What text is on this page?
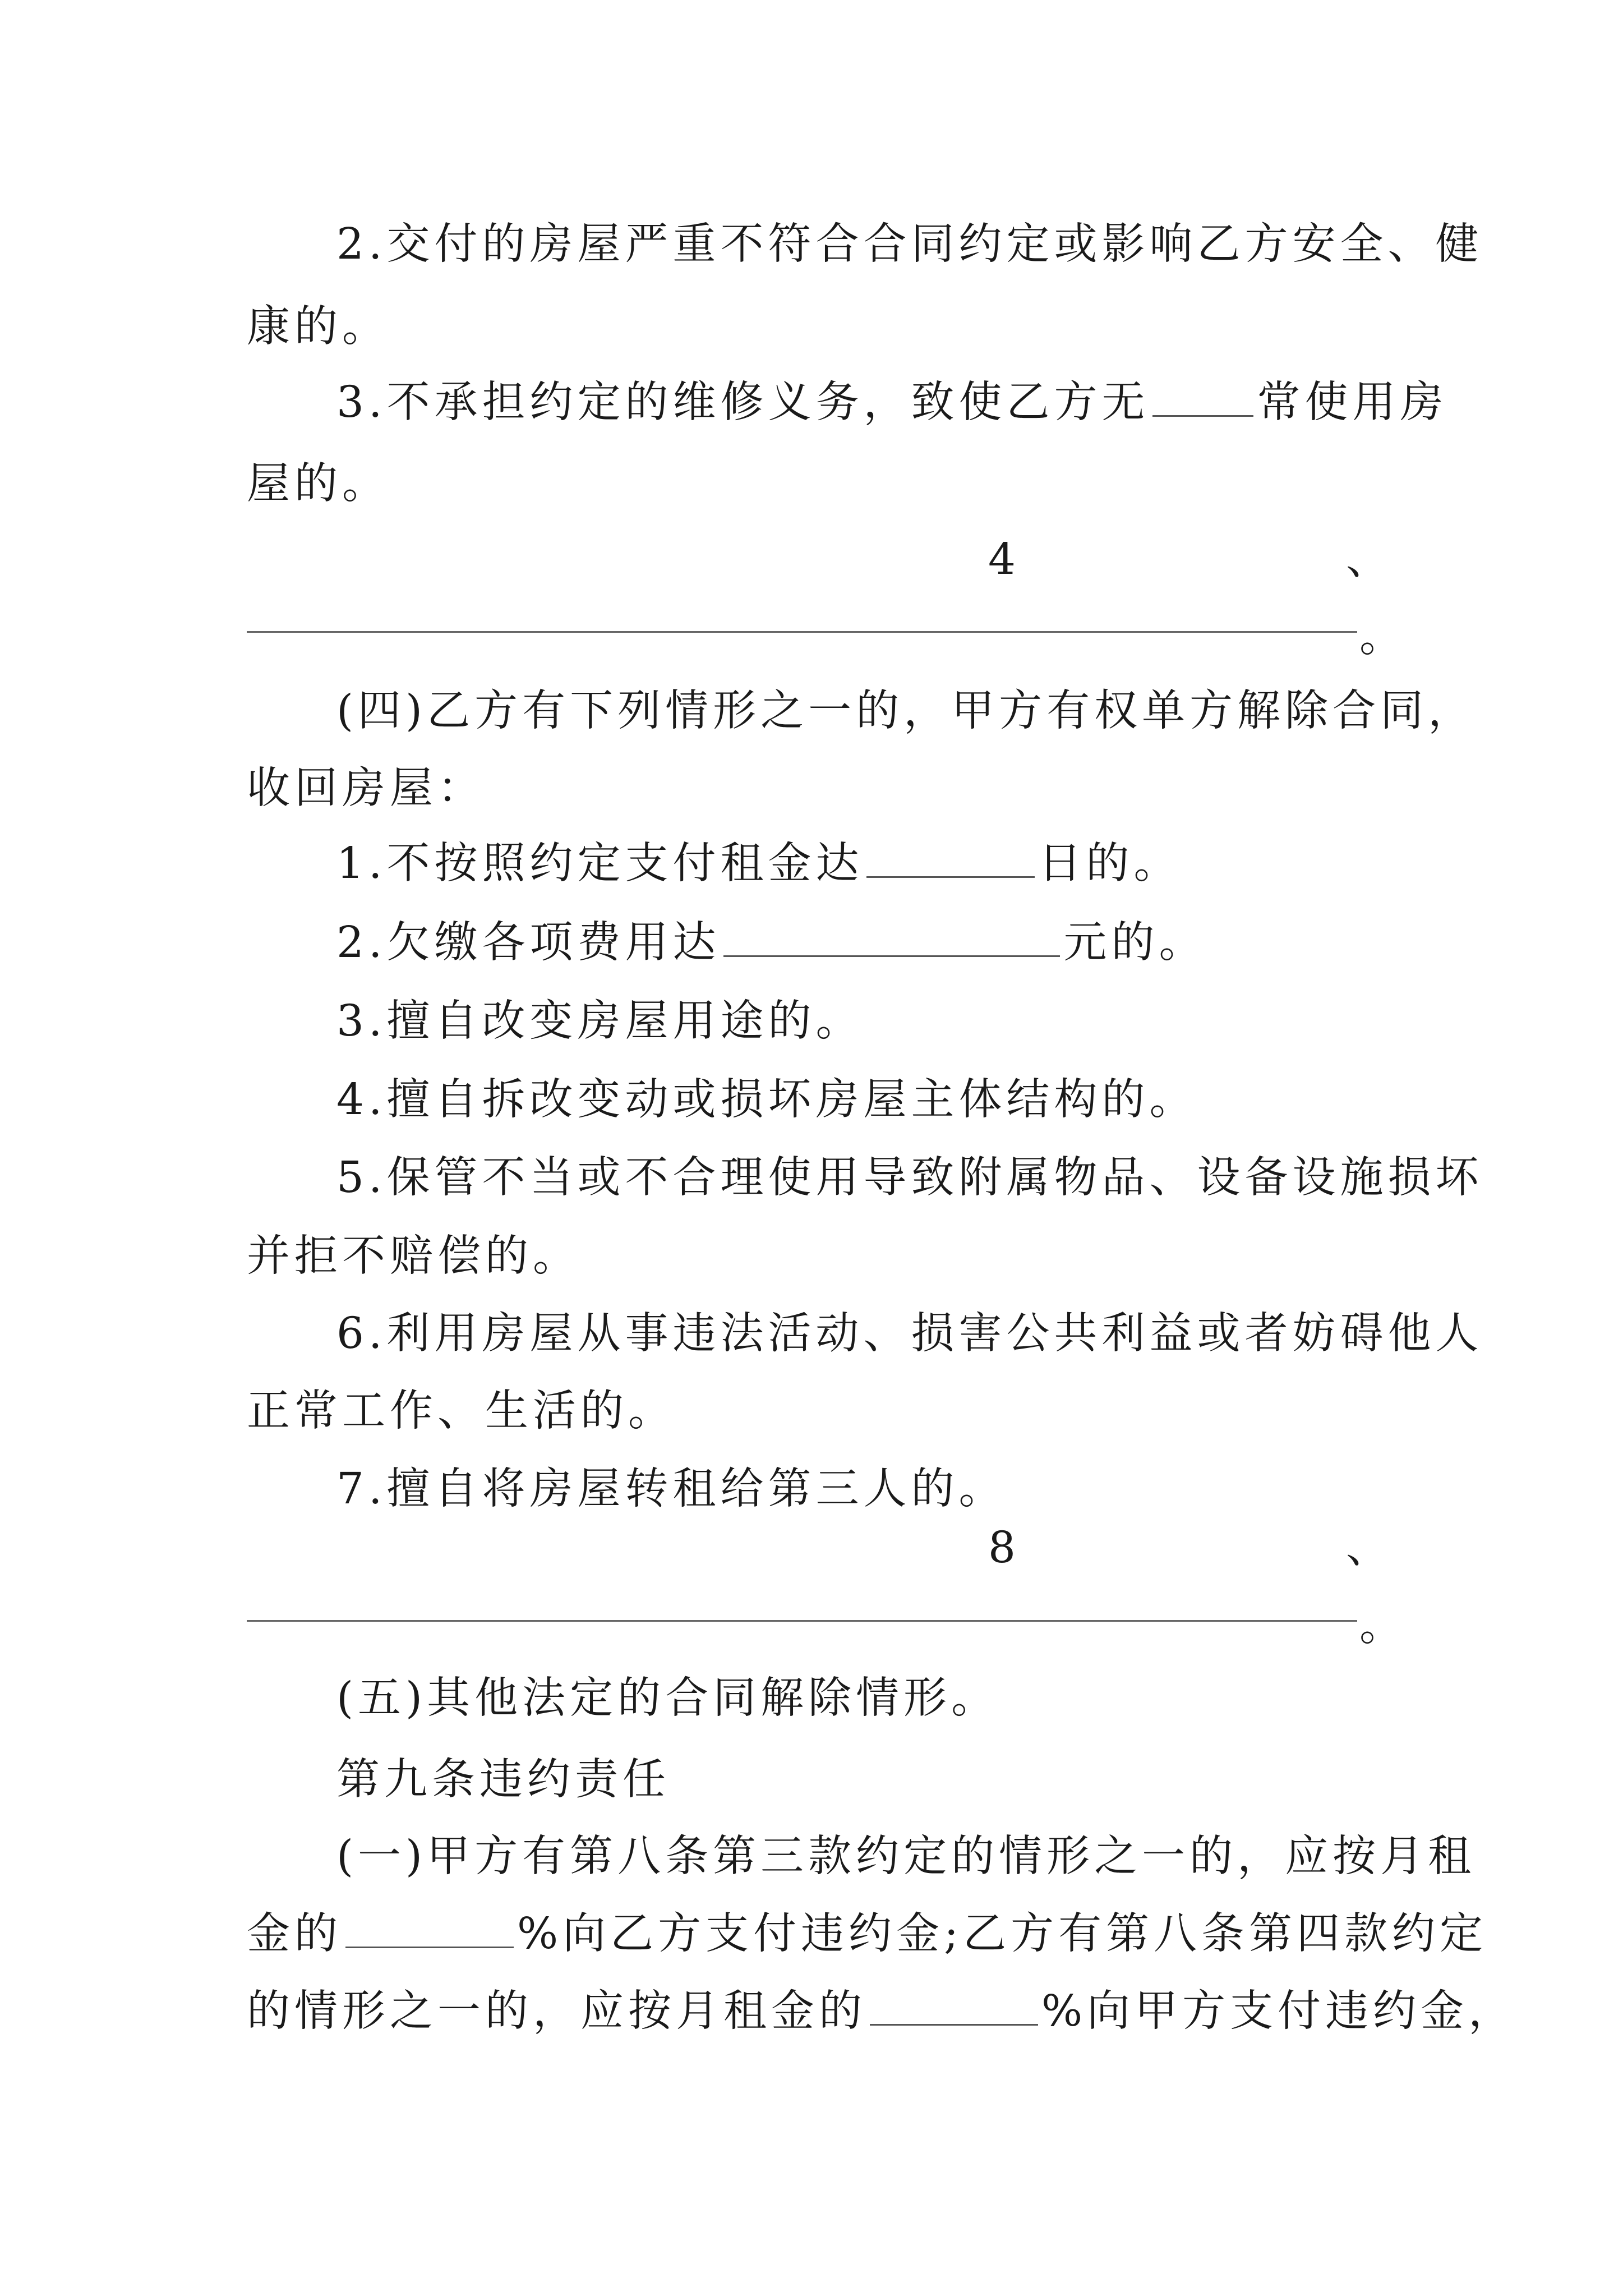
2.交付的房屋严重不符合合同约定或影响乙方安全、健
康的。
3.不承担约定的维修义务，致使乙方无 常使用房
屋的。
4	、
。
(四)乙方有下列情形之一的，甲方有权单方解除合同，
收回房屋：
1.不按照约定支付租金达	日的。
2.欠缴各项费用达	元的。
3.擅自改变房屋用途的。
4.擅自拆改变动或损坏房屋主体结构的。
5.保管不当或不合理使用导致附属物品、设备设施损坏
并拒不赔偿的。
6.利用房屋从事违法活动、损害公共利益或者妨碍他人
正常工作、生活的。
7.擅自将房屋转租给第三人的。
8	、
。
(五)其他法定的合同解除情形。
第九条违约责任
(一)甲方有第八条第三款约定的情形之一的，应按月租
金的	%向乙方支付违约金;乙方有第八条第四款约定
的情形之一的，应按月租金的	%向甲方支付违约金，
